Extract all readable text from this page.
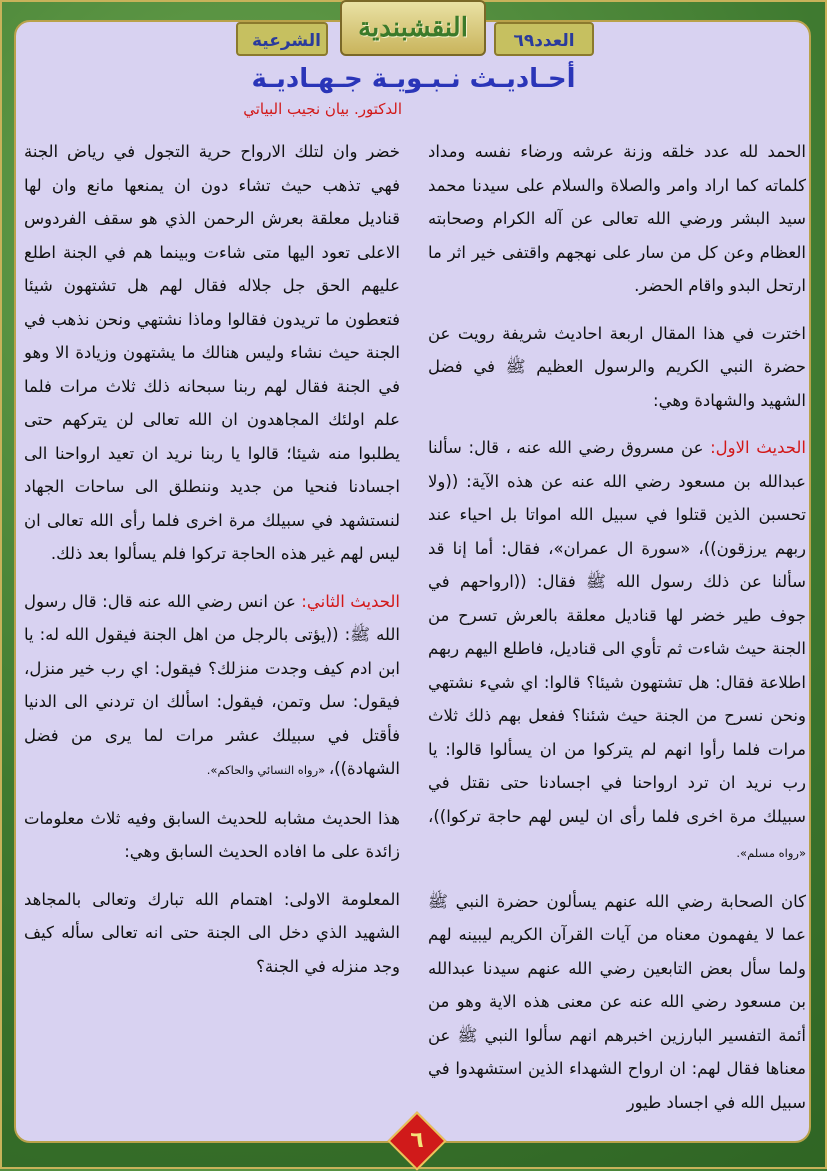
النقشبندية
الشرعية	العدد٦٩
أحـاديـث نـبـويـة جـهـاديـة
الدكتور. بيان نجيب البياتي

الحمد لله عدد خلقه وزنة عرشه ورضاء نفسه ومداد كلماته كما اراد وامر والصلاة والسلام على سيدنا محمد سيد البشر ورضي الله تعالى عن آله الكرام وصحابته العظام وعن كل من سار على نهجهم واقتفى خير اثر ما ارتحل البدو واقام الحضر.

اخترت في هذا المقال اربعة احاديث شريفة رويت عن حضرة النبي الكريم والرسول العظيم ﷺ في فضل الشهيد والشهادة وهي:

الحديث الاول: عن مسروق رضي الله عنه ، قال: سألنا عبدالله بن مسعود رضي الله عنه عن هذه الآية: ((ولا تحسبن الذين قتلوا في سبيل الله امواتا بل احياء عند ربهم يرزقون))، «سورة ال عمران»، فقال: أما إنا قد سألنا عن ذلك رسول الله ﷺ فقال: ((ارواحهم في جوف طير خضر لها قناديل معلقة بالعرش تسرح من الجنة حيث شاءت ثم تأوي الى قناديل، فاطلع اليهم ربهم اطلاعة فقال: هل تشتهون شيئا؟ قالوا: اي شيء نشتهي ونحن نسرح من الجنة حيث شئنا؟ ففعل بهم ذلك ثلاث مرات فلما رأوا انهم لم يتركوا من ان يسألوا قالوا: يا رب نريد ان ترد ارواحنا في اجسادنا حتى نقتل في سبيلك مرة اخرى فلما رأى ان ليس لهم حاجة تركوا))، «رواه مسلم».

كان الصحابة رضي الله عنهم يسألون حضرة النبي ﷺ عما لا يفهمون معناه من آيات القرآن الكريم ليبينه لهم ولما سأل بعض التابعين رضي الله عنهم سيدنا عبدالله بن مسعود رضي الله عنه عن معنى هذه الاية وهو من أئمة التفسير البارزين اخبرهم انهم سألوا النبي ﷺ عن معناها فقال لهم: ان ارواح الشهداء الذين استشهدوا في سبيل الله في اجساد طيور

خضر وان لتلك الارواح حرية التجول في رياض الجنة فهي تذهب حيث تشاء دون ان يمنعها مانع وان لها قناديل معلقة بعرش الرحمن الذي هو سقف الفردوس الاعلى تعود اليها متى شاءت وبينما هم في الجنة اطلع عليهم الحق جل جلاله فقال لهم هل تشتهون شيئا فتعطون ما تريدون فقالوا وماذا نشتهي ونحن نذهب في الجنة حيث نشاء وليس هنالك ما يشتهون وزيادة الا وهو في الجنة فقال لهم ربنا سبحانه ذلك ثلاث مرات فلما علم اولئك المجاهدون ان الله تعالى لن يتركهم حتى يطلبوا منه شيئا؛ قالوا يا ربنا نريد ان تعيد ارواحنا الى اجسادنا فنحيا من جديد وننطلق الى ساحات الجهاد لنستشهد في سبيلك مرة اخرى فلما رأى الله تعالى ان ليس لهم غير هذه الحاجة تركوا فلم يسألوا بعد ذلك.

الحديث الثاني: عن انس رضي الله عنه قال: قال رسول الله ﷺ: ((يؤتى بالرجل من اهل الجنة فيقول الله له: يا ابن ادم كيف وجدت منزلك؟ فيقول: اي رب خير منزل، فيقول: سل وتمن، فيقول: اسألك ان تردني الى الدنيا فأقتل في سبيلك عشر مرات لما يرى من فضل الشهادة))، «رواه النسائي والحاكم».

هذا الحديث مشابه للحديث السابق وفيه ثلاث معلومات زائدة على ما افاده الحديث السابق وهي:

المعلومة الاولى: اهتمام الله تبارك وتعالى بالمجاهد الشهيد الذي دخل الى الجنة حتى انه تعالى سأله كيف وجد منزله في الجنة؟

٦
